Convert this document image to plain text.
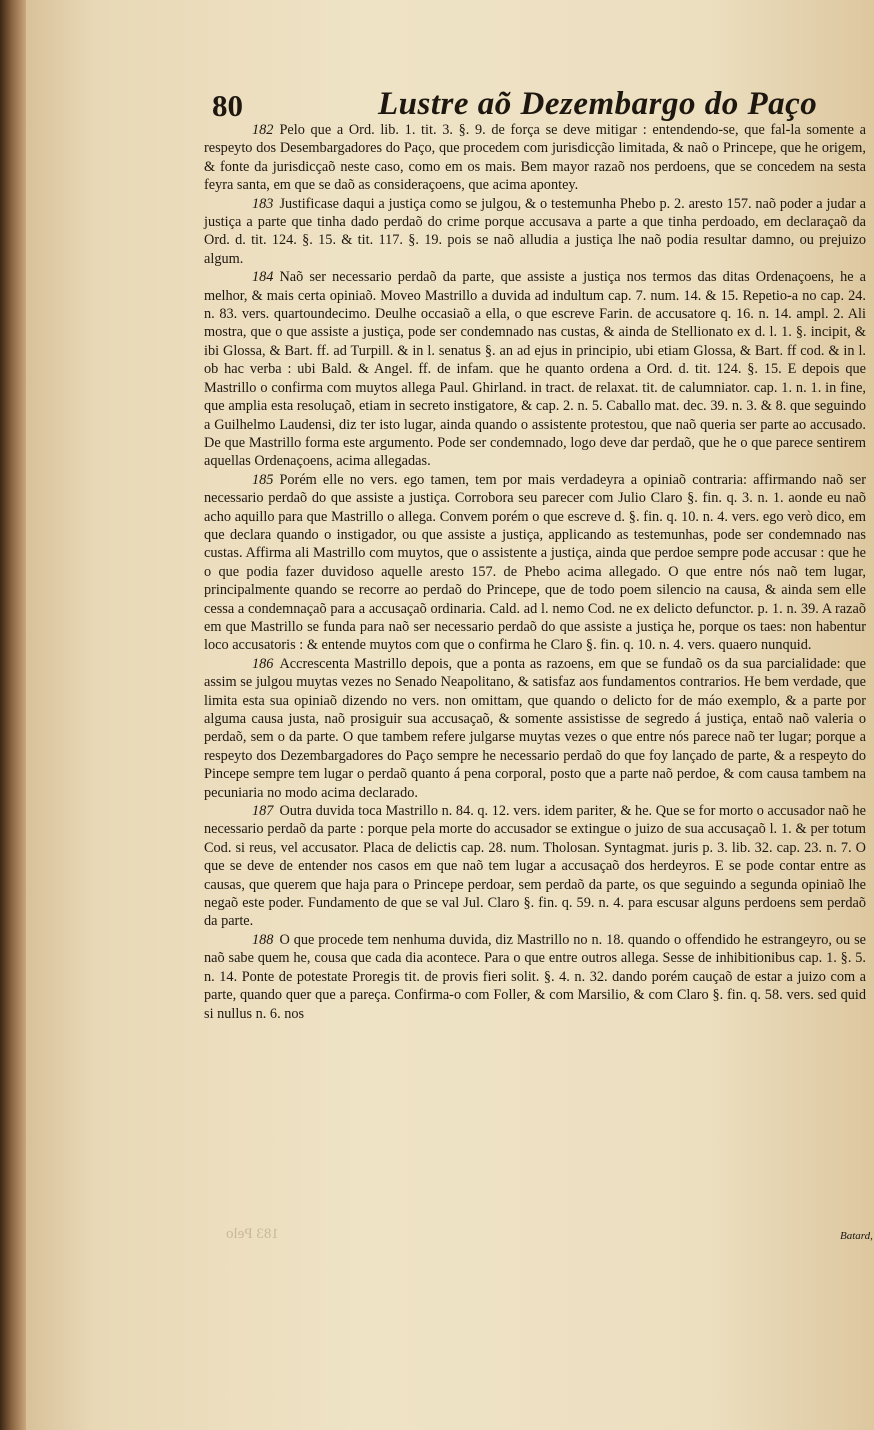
80	Lustre aõ Dezembargo do Paço

182 Pelo que a Ord. lib. 1. tit. 3. §. 9. de força se deve mitigar : entendendo-se, que fal-la somente a respeyto dos Desembargadores do Paço, que procedem com jurisdicção limitada, & naõ o Princepe, que he origem, & fonte da jurisdicçaõ neste caso, como em os mais. Bem mayor razaõ nos perdoens, que se concedem na sesta feyra santa, em que se daõ as consideraçoens, que acima apontey.

183 Justificase daqui a justiça como se julgou, & o testemunha Phebo p. 2. aresto 157. naõ poder a judar a justiça a parte que tinha dado perdaõ do crime porque accusava a parte a que tinha perdoado, em declaraçaõ da Ord. d. tit. 124. §. 15. & tit. 117. §. 19. pois se naõ alludia a justiça lhe naõ podia resultar damno, ou prejuizo algum.

184 Naõ ser necessario perdaõ da parte, que assiste a justiça nos termos das ditas Ordenaçoens, he a melhor, & mais certa opiniaõ. Moveo Mastrillo a duvida ad indultum cap. 7. num. 14. & 15. Repetio-a no cap. 24. n. 83. vers. quartoundecimo. Deulhe occasiaõ a ella, o que escreve Farin. de accusatore q. 16. n. 14. ampl. 2. Ali mostra, que o que assiste a justiça, pode ser condemnado nas custas, & ainda de Stellionato ex d. l. 1. §. incipit, & ibi Glossa, & Bart. ff. ad Turpill. & in l. senatus §. an ad ejus in principio, ubi etiam Glossa, & Bart. ff cod. & in l. ob hac verba : ubi Bald. & Angel. ff. de infam. que he quanto ordena a Ord. d. tit. 124. §. 15. E depois que Mastrillo o confirma com muytos allega Paul. Ghirland. in tract. de relaxat. tit. de calumniator. cap. 1. n. 1. in fine, que amplia esta resoluçaõ, etiam in secreto instigatore, & cap. 2. n. 5. Caballo mat. dec. 39. n. 3. & 8. que seguindo a Guilhelmo Laudensi, diz ter isto lugar, ainda quando o assistente protestou, que naõ queria ser parte ao accusado. De que Mastrillo forma este argumento. Pode ser condemnado, logo deve dar perdaõ, que he o que parece sentirem aquellas Ordenaçoens, acima allegadas.

185 Porém elle no vers. ego tamen, tem por mais verdadeyra a opiniaõ contraria: affirmando naõ ser necessario perdaõ do que assiste a justiça. Corrobora seu parecer com Julio Claro §. fin. q. 3. n. 1. aonde eu naõ acho aquillo para que Mastrillo o allega. Convem porém o que escreve d. §. fin. q. 10. n. 4. vers. ego verò dico, em que declara quando o instigador, ou que assiste a justiça, applicando as testemunhas, pode ser condemnado nas custas. Affirma ali Mastrillo com muytos, que o assistente a justiça, ainda que perdoe sempre pode accusar : que he o que podia fazer duvidoso aquelle aresto 157. de Phebo acima allegado. O que entre nós naõ tem lugar, principalmente quando se recorre ao perdaõ do Princepe, que de todo poem silencio na causa, & ainda sem elle cessa a condemnaçaõ para a accusaçaõ ordinaria. Cald. ad l. nemo Cod. ne ex delicto defunctor. p. 1. n. 39. A razaõ em que Mastrillo se funda para naõ ser necessario perdaõ do que assiste a justiça he, porque os taes: non habentur loco accusatoris : & entende muytos com que o confirma he Claro §. fin. q. 10. n. 4. vers. quaero nunquid.

186 Accrescenta Mastrillo depois, que a ponta as razoens, em que se fundaõ os da sua parcialidade: que assim se julgou muytas vezes no Senado Neapolitano, & satisfaz aos fundamentos contrarios. He bem verdade, que limita esta sua opiniaõ dizendo no vers. non omittam, que quando o delicto for de máo exemplo, & a parte por alguma causa justa, naõ prosiguir sua accusaçaõ, & somente assistisse de segredo á justiça, entaõ naõ valeria o perdaõ, sem o da parte. O que tambem refere julgarse muytas vezes o que entre nós parece naõ ter lugar; porque a respeyto dos Dezembargadores do Paço sempre he necessario perdaõ do que foy lançado de parte, & a respeyto do Pincepe sempre tem lugar o perdaõ quanto á pena corporal, posto que a parte naõ perdoe, & com causa tambem na pecuniaria no modo acima declarado.

187 Outra duvida toca Mastrillo n. 84. q. 12. vers. idem pariter, & he. Que se for morto o accusador naõ he necessario perdaõ da parte : porque pela morte do accusador se extingue o juizo de sua accusaçaõ l. 1. & per totum Cod. si reus, vel accusator. Placa de delictis cap. 28. num. Tholosan. Syntagmat. juris p. 3. lib. 32. cap. 23. n. 7. O que se deve de entender nos casos em que naõ tem lugar a accusaçaõ dos herdeyros. E se pode contar entre as causas, que querem que haja para o Princepe perdoar, sem perdaõ da parte, os que seguindo a segunda opiniaõ lhe negaõ este poder. Fundamento de que se val Jul. Claro §. fin. q. 59. n. 4. para escusar alguns perdoens sem perdaõ da parte.

188 O que procede tem nenhuma duvida, diz Mastrillo no n. 18. quando o offendido he estrangeyro, ou se naõ sabe quem he, cousa que cada dia acontece. Para o que entre outros allega. Sesse de inhibitionibus cap. 1. §. 5. n. 14. Ponte de potestate Proregis tit. de provis fieri solit. §. 4. n. 32. dando porém cauçaõ de estar a juizo com a parte, quando quer que a pareça. Confirma-o com Foller, & com Marsilio, & com Claro §. fin. q. 58. vers. sed quid si nullus n. 6. nos

183 Pelo	Batard,
